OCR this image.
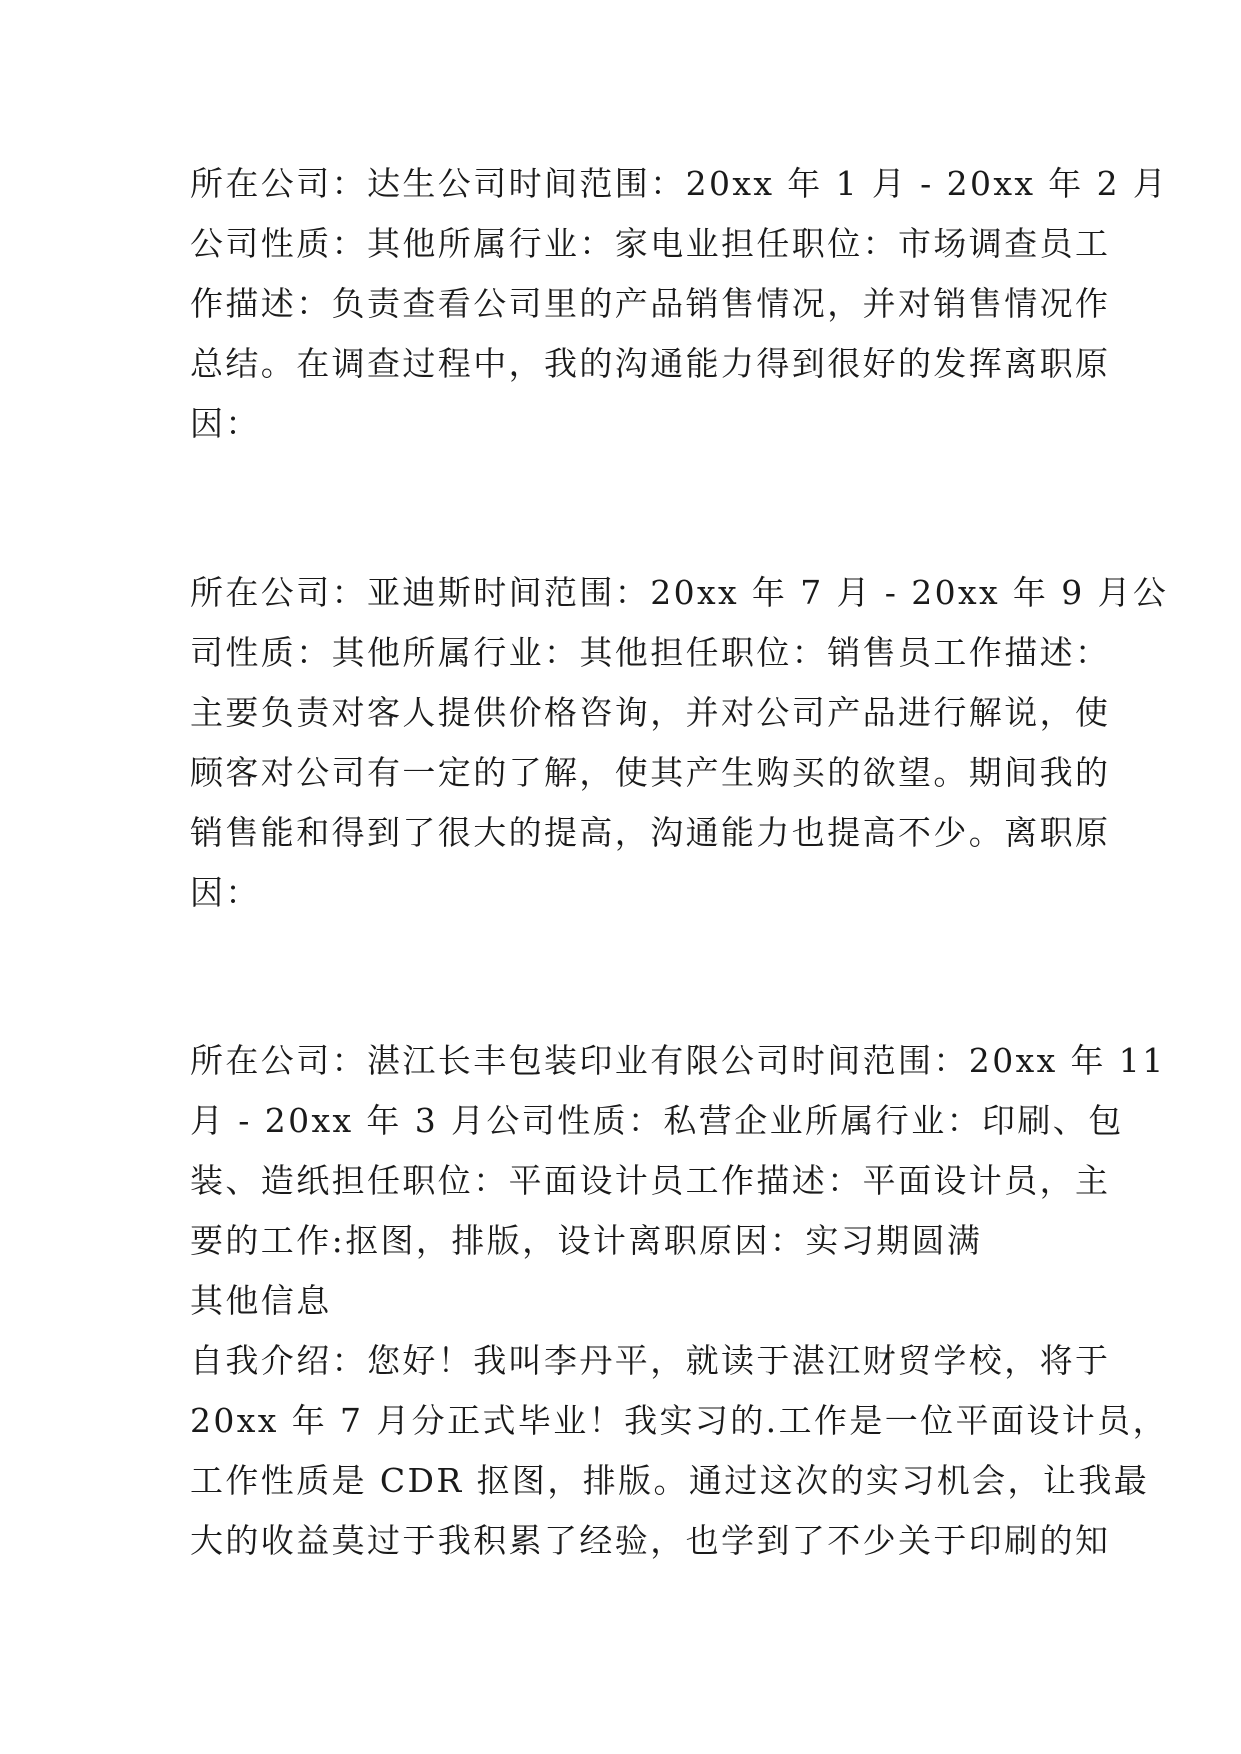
所在公司：达生公司时间范围：20xx 年 1 月 - 20xx 年 2 月
公司性质：其他所属行业：家电业担任职位：市场调查员工
作描述：负责查看公司里的产品销售情况，并对销售情况作
总结。在调查过程中，我的沟通能力得到很好的发挥离职原
因：
所在公司：亚迪斯时间范围：20xx 年 7 月 - 20xx 年 9 月公
司性质：其他所属行业：其他担任职位：销售员工作描述：
主要负责对客人提供价格咨询，并对公司产品进行解说，使
顾客对公司有一定的了解，使其产生购买的欲望。期间我的
销售能和得到了很大的提高，沟通能力也提高不少。离职原
因：
所在公司：湛江长丰包装印业有限公司时间范围：20xx 年 11
月 - 20xx 年 3 月公司性质：私营企业所属行业：印刷、包
装、造纸担任职位：平面设计员工作描述：平面设计员，主
要的工作:抠图，排版，设计离职原因：实习期圆满
其他信息
自我介绍：您好！我叫李丹平，就读于湛江财贸学校，将于
20xx 年 7 月分正式毕业！我实习的.工作是一位平面设计员，
工作性质是 CDR 抠图，排版。通过这次的实习机会，让我最
大的收益莫过于我积累了经验，也学到了不少关于印刷的知
